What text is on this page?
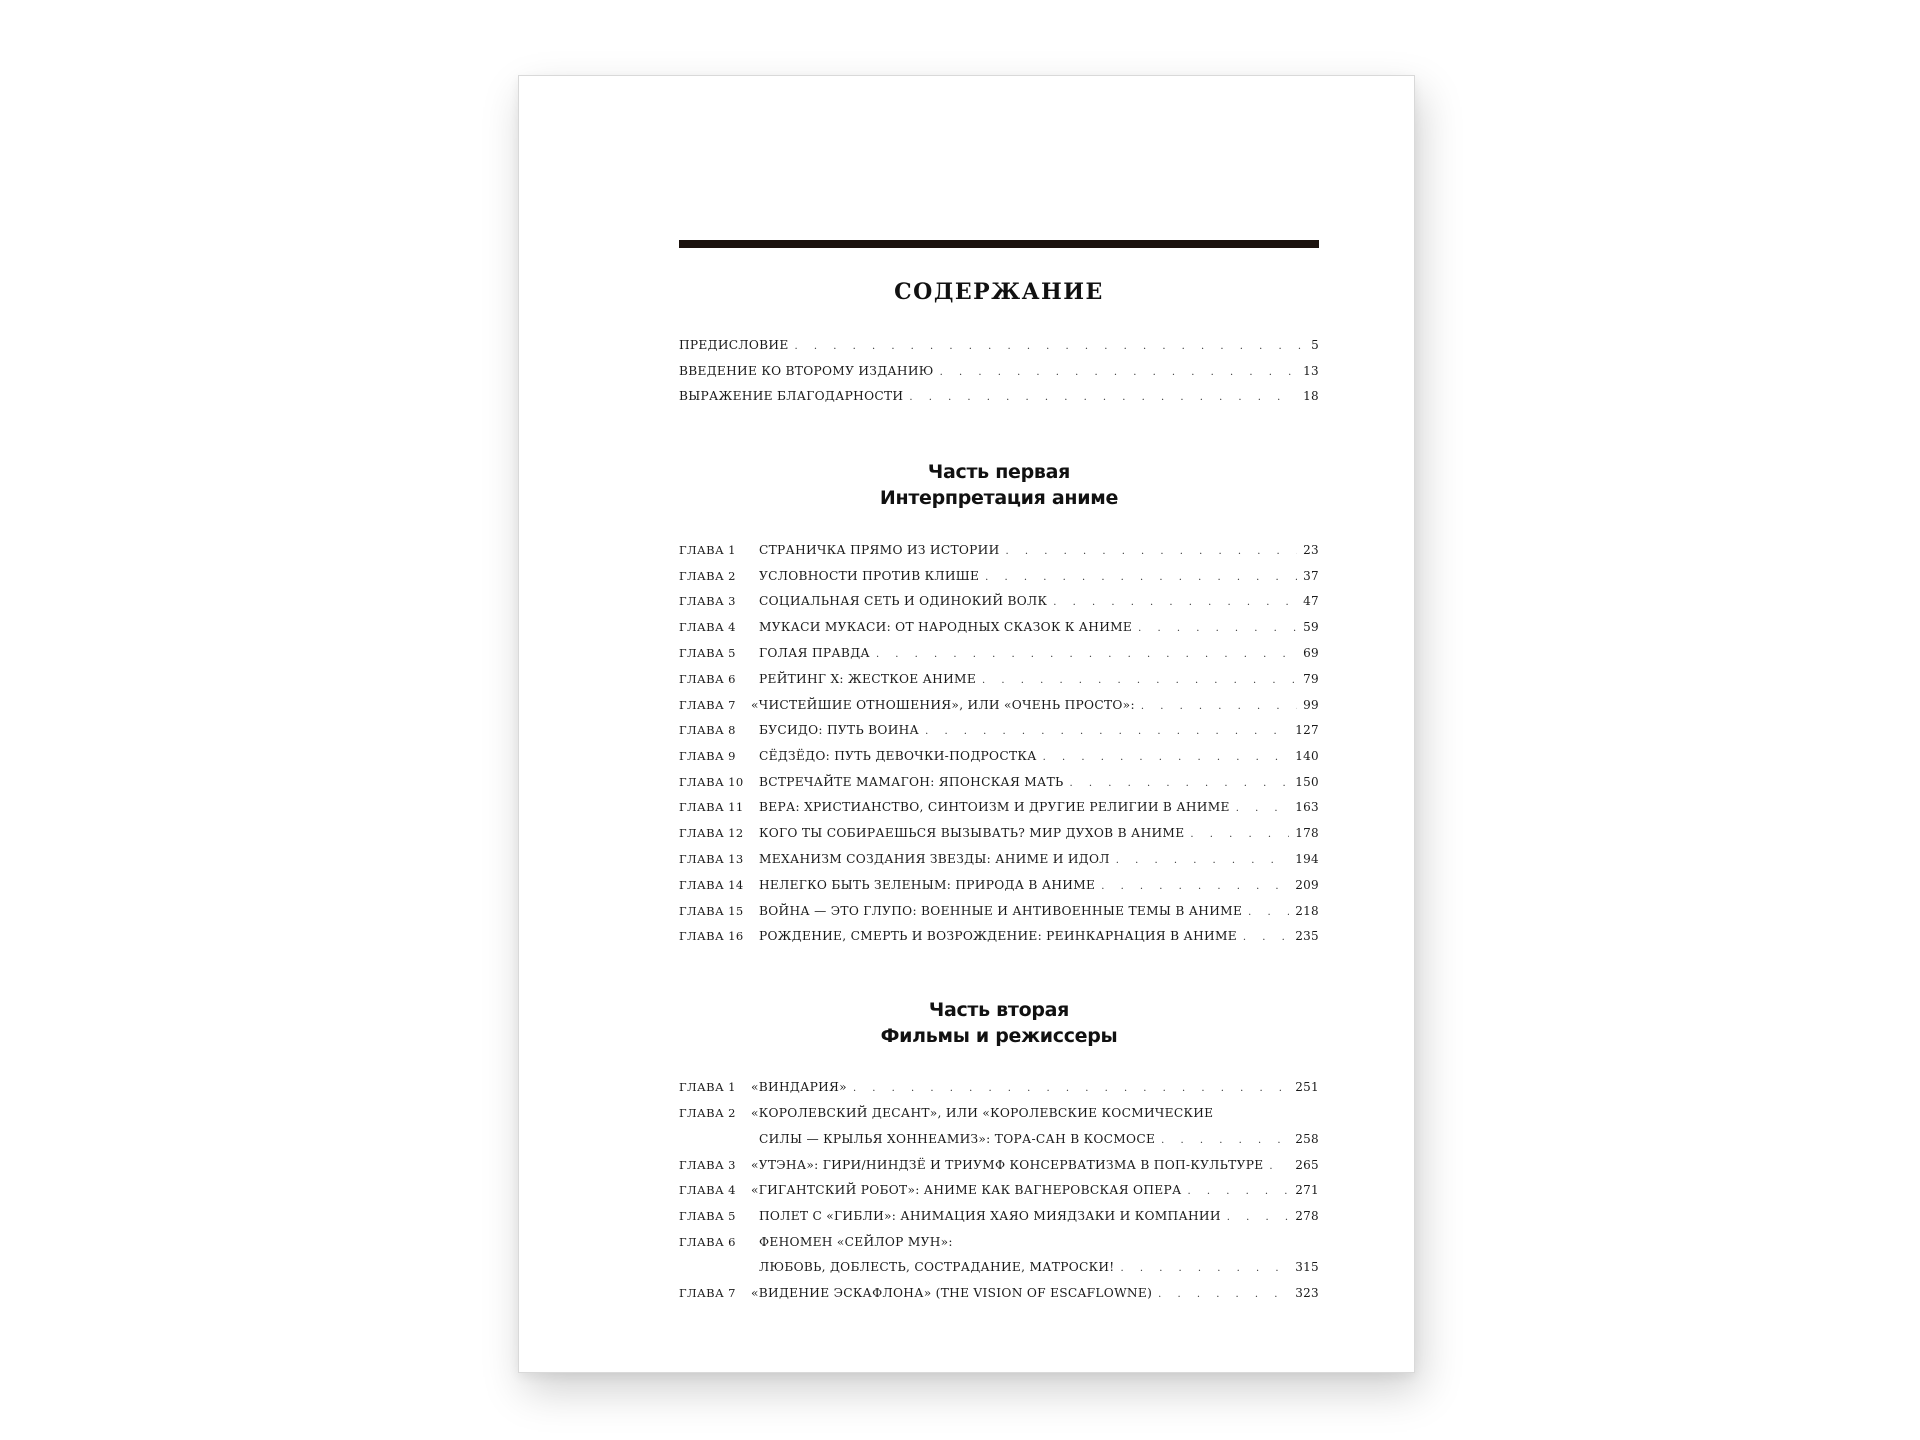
СОДЕРЖАНИЕ
ПРЕДИСЛОВИЕ . . .	5
ВВЕДЕНИЕ КО ВТОРОМУ ИЗДАНИЮ . . .	13
ВЫРАЖЕНИЕ БЛАГОДАРНОСТИ . . .	18
Часть первая
Интерпретация аниме
ГЛАВА 1	СТРАНИЧКА ПРЯМО ИЗ ИСТОРИИ . . .	23
ГЛАВА 2	УСЛОВНОСТИ ПРОТИВ КЛИШЕ . . .	37
ГЛАВА 3	СОЦИАЛЬНАЯ СЕТЬ И ОДИНОКИЙ ВОЛК . . .	47
ГЛАВА 4	МУКАСИ МУКАСИ: ОТ НАРОДНЫХ СКАЗОК К АНИМЕ . . .	59
ГЛАВА 5	ГОЛАЯ ПРАВДА . . .	69
ГЛАВА 6	РЕЙТИНГ X: ЖЕСТКОЕ АНИМЕ . . .	79
ГЛАВА 7	«ЧИСТЕЙШИЕ ОТНОШЕНИЯ», ИЛИ «ОЧЕНЬ ПРОСТО»: . . .	99
ГЛАВА 8	БУСИДО: ПУТЬ ВОИНА . . .	127
ГЛАВА 9	СЁДЗЁДО: ПУТЬ ДЕВОЧКИ-ПОДРОСТКА . . .	140
ГЛАВА 10	ВСТРЕЧАЙТЕ МАМАГОН: ЯПОНСКАЯ МАТЬ . . .	150
ГЛАВА 11	ВЕРА: ХРИСТИАНСТВО, СИНТОИЗМ И ДРУГИЕ РЕЛИГИИ В АНИМЕ . . .	163
ГЛАВА 12	КОГО ТЫ СОБИРАЕШЬСЯ ВЫЗЫВАТЬ? МИР ДУХОВ В АНИМЕ . . .	178
ГЛАВА 13	МЕХАНИЗМ СОЗДАНИЯ ЗВЕЗДЫ: АНИМЕ И ИДОЛ . . .	194
ГЛАВА 14	НЕЛЕГКО БЫТЬ ЗЕЛЕНЫМ: ПРИРОДА В АНИМЕ . . .	209
ГЛАВА 15	ВОЙНА — ЭТО ГЛУПО: ВОЕННЫЕ И АНТИВОЕННЫЕ ТЕМЫ В АНИМЕ . . .	218
ГЛАВА 16	РОЖДЕНИЕ, СМЕРТЬ И ВОЗРОЖДЕНИЕ: РЕИНКАРНАЦИЯ В АНИМЕ . . .	235
Часть вторая
Фильмы и режиссеры
ГЛАВА 1	«ВИНДАРИЯ» . . .	251
ГЛАВА 2	«КОРОЛЕВСКИЙ ДЕСАНТ», ИЛИ «КОРОЛЕВСКИЕ КОСМИЧЕСКИЕ
СИЛЫ — КРЫЛЬЯ ХОННЕАМИЗ»: ТОРА-САН В КОСМОСЕ . . .	258
ГЛАВА 3	«УТЭНА»: ГИРИ/НИНДЗЁ И ТРИУМФ КОНСЕРВАТИЗМА В ПОП-КУЛЬТУРЕ . . .	265
ГЛАВА 4	«ГИГАНТСКИЙ РОБОТ»: АНИМЕ КАК ВАГНЕРОВСКАЯ ОПЕРА . . .	271
ГЛАВА 5	ПОЛЕТ С «ГИБЛИ»: АНИМАЦИЯ ХАЯО МИЯДЗАКИ И КОМПАНИИ . . .	278
ГЛАВА 6	ФЕНОМЕН «СЕЙЛОР МУН»:
ЛЮБОВЬ, ДОБЛЕСТЬ, СОСТРАДАНИЕ, МАТРОСКИ! . . .	315
ГЛАВА 7	«ВИДЕНИЕ ЭСКАФЛОНА» (THE VISION OF ESCAFLOWNE) . . .	323
